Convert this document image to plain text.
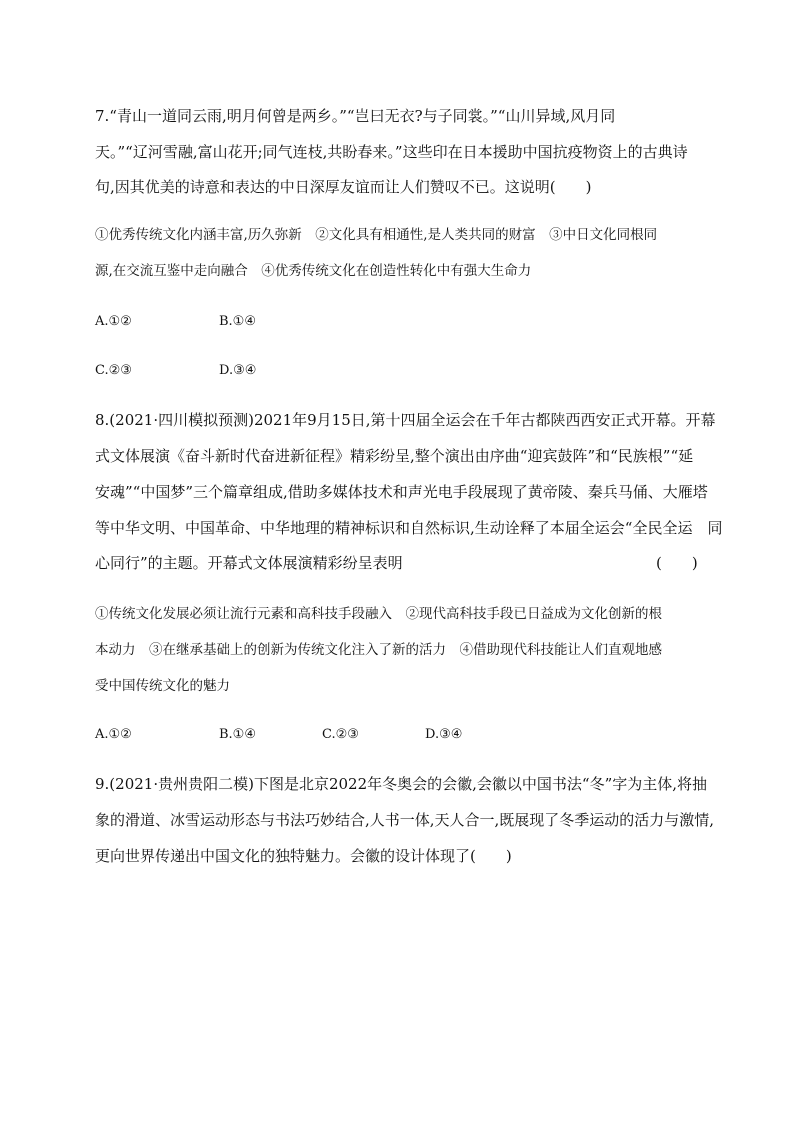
7.“青山一道同云雨,明月何曾是两乡。”“岂曰无衣?与子同裳。”“山川异域,风月同
天。”“辽河雪融,富山花开;同气连枝,共盼春来。”这些印在日本援助中国抗疫物资上的古典诗
句,因其优美的诗意和表达的中日深厚友谊而让人们赞叹不已。这说明(　　)
①优秀传统文化内涵丰富,历久弥新　②文化具有相通性,是人类共同的财富　③中日文化同根同
源,在交流互鉴中走向融合　④优秀传统文化在创造性转化中有强大生命力
A.①②	B.①④
C.②③	D.③④
8.(2021·四川模拟预测)2021年9月15日,第十四届全运会在千年古都陕西西安正式开幕。开幕
式文体展演《奋斗新时代奋进新征程》精彩纷呈,整个演出由序曲“迎宾鼓阵”和“民族根”“延
安魂”“中国梦”三个篇章组成,借助多媒体技术和声光电手段展现了黄帝陵、秦兵马俑、大雁塔
等中华文明、中国革命、中华地理的精神标识和自然标识,生动诠释了本届全运会“全民全运　同
心同行”的主题。开幕式文体展演精彩纷呈表明	(　　)
①传统文化发展必须让流行元素和高科技手段融入　②现代高科技手段已日益成为文化创新的根
本动力　③在继承基础上的创新为传统文化注入了新的活力　④借助现代科技能让人们直观地感
受中国传统文化的魅力
A.①②	B.①④	C.②③	D.③④
9.(2021·贵州贵阳二模)下图是北京2022年冬奥会的会徽,会徽以中国书法“冬”字为主体,将抽
象的滑道、冰雪运动形态与书法巧妙结合,人书一体,天人合一,既展现了冬季运动的活力与激情,
更向世界传递出中国文化的独特魅力。会徽的设计体现了(　　)
